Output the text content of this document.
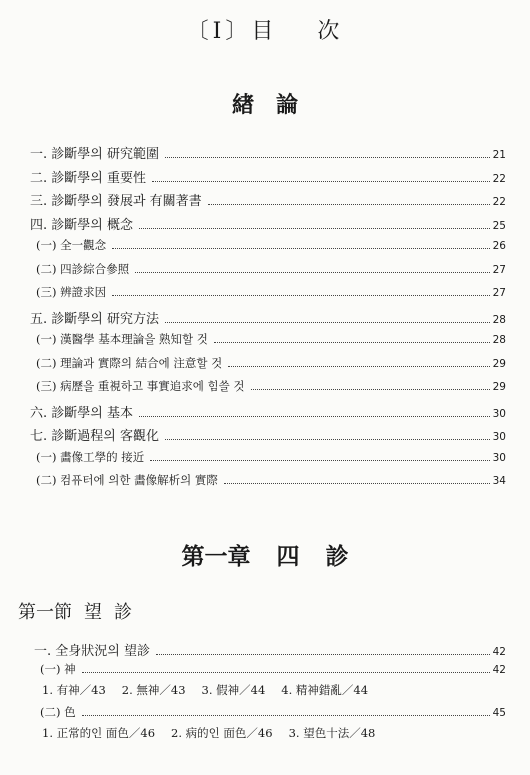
〔Ⅰ〕目 次
緖 論
一. 診斷學의 研究範圍	21
二. 診斷學의 重要性	22
三. 診斷學의 發展과 有關著書	22
四. 診斷學의 概念	25
(一) 全一觀念	26
(二) 四診綜合參照	27
(三) 辨證求因	27
五. 診斷學의 研究方法	28
(一) 漢醫學 基本理論을 熟知할 것	28
(二) 理論과 實際의 結合에 注意할 것	29
(三) 病歷을 重視하고 事實追求에 힘쓸 것	29
六. 診斷學의 基本	30
七. 診斷過程의 客觀化	30
(一) 畵像工學的 接近	30
(二) 컴퓨터에 의한 畵像解析의 實際	34
第一章 四 診
第一節 望 診
一. 全身狀況의 望診	42
(一) 神	42
1. 有神／43 2. 無神／43 3. 假神／44 4. 精神錯亂／44
(二) 色	45
1. 正常的인 面色／46 2. 病的인 面色／46 3. 望色十法／48
